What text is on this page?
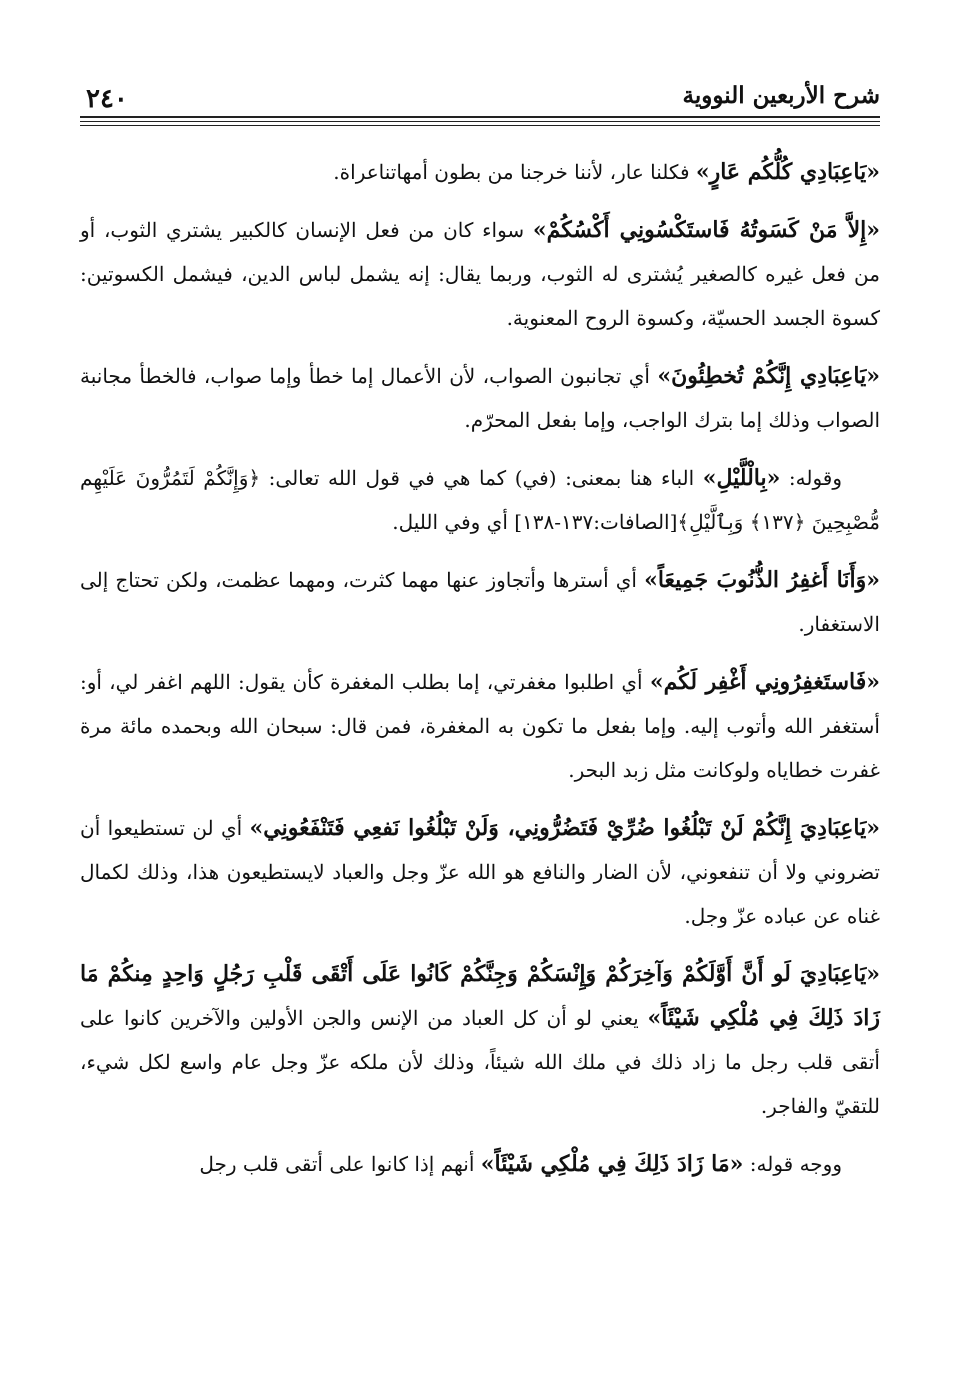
٢٤٠	شرح الأربعين النووية

«يَاعِبَادِي كُلُّكُم عَارٍ» فكلنا عار، لأننا خرجنا من بطون أمهاتناعراة.

«إِلاَّ مَنْ كَسَوتُهُ فَاستَكْسُونِي أَكْسُكُمْ» سواء كان من فعل الإنسان كالكبير يشتري الثوب، أو من فعل غيره كالصغير يُشترى له الثوب، وربما يقال: إنه يشمل لباس الدين، فيشمل الكسوتين: كسوة الجسد الحسيّة، وكسوة الروح المعنوية.

«يَاعِبَادِي إِنَّكُمْ تُخطِئُونَ» أي تجانبون الصواب، لأن الأعمال إما خطأ وإما صواب، فالخطأ مجانبة الصواب وذلك إما بترك الواجب، وإما بفعل المحرّم.

وقوله: «بِالْلَّيْلِ» الباء هنا بمعنى: (في) كما هي في قول الله تعالى: ﴿وَإِنَّكُمْ لَتَمُرُّونَ عَلَيْهِم مُّصْبِحِينَ ﴿١٣٧﴾ وَبِٱلَّيْلِ﴾[الصافات:١٣٧-١٣٨] أي وفي الليل.

«وَأَنَا أَغفِرُ الذُّنُوبَ جَمِيعَاً» أي أسترها وأتجاوز عنها مهما كثرت، ومهما عظمت، ولكن تحتاج إلى الاستغفار.

«فَاستَغفِرُونِي أَغْفِر لَكُم» أي اطلبوا مغفرتي، إما بطلب المغفرة كأن يقول: اللهم اغفر لي، أو: أستغفر الله وأتوب إليه. وإما بفعل ما تكون به المغفرة، فمن قال: سبحان الله وبحمده مائة مرة غفرت خطاياه ولوكانت مثل زبد البحر.

«يَاعِبَادِيَ إِنَّكُمْ لَنْ تَبْلُغُوا ضُرِّيْ فَتَضُرُّونِي، وَلَنْ تَبْلُغُوا نَفعِي فَتَنْفَعُونِي» أي لن تستطيعوا أن تضروني ولا أن تنفعوني، لأن الضار والنافع هو الله عزّ وجل والعباد لايستطيعون هذا، وذلك لكمال غناه عن عباده عزّ وجل.

«يَاعِبَادِيَ لَو أَنَّ أَوَّلَكُمْ وَآخِرَكُمْ وَإِنْسَكُمْ وَجِنَّكُمْ كَانُوا عَلَى أَتْقَى قَلْبِ رَجُلٍ وَاحِدٍ مِنكُمْ مَا زَادَ ذَلِكَ فِي مُلْكِي شَيْئَاً» يعني لو أن كل العباد من الإنس والجن الأولين والآخرين كانوا على أتقى قلب رجل ما زاد ذلك في ملك الله شيئاً، وذلك لأن ملكه عزّ وجل عام واسع لكل شيء، للتقيّ والفاجر.

ووجه قوله: «مَا زَادَ ذَلِكَ فِي مُلْكِي شَيْئَاً» أنهم إذا كانوا على أتقى قلب رجل
